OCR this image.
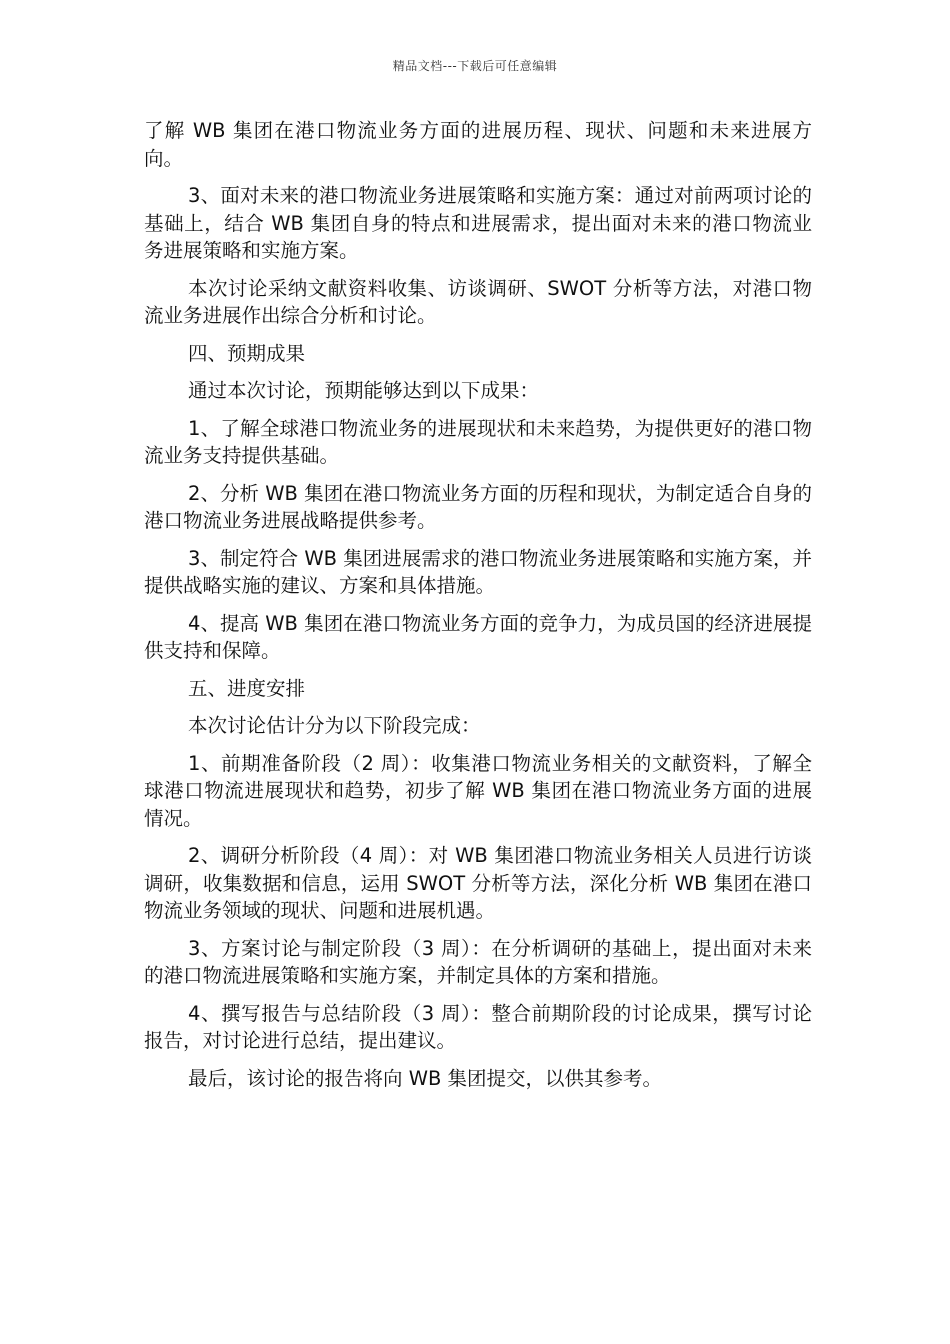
精品文档---下载后可任意编辑

了解 WB 集团在港口物流业务方面的进展历程、现状、问题和未来进展方向。

3、面对未来的港口物流业务进展策略和实施方案：通过对前两项讨论的基础上，结合 WB 集团自身的特点和进展需求，提出面对未来的港口物流业务进展策略和实施方案。

本次讨论采纳文献资料收集、访谈调研、SWOT 分析等方法，对港口物流业务进展作出综合分析和讨论。

四、预期成果

通过本次讨论，预期能够达到以下成果：

1、了解全球港口物流业务的进展现状和未来趋势，为提供更好的港口物流业务支持提供基础。

2、分析 WB 集团在港口物流业务方面的历程和现状，为制定适合自身的港口物流业务进展战略提供参考。

3、制定符合 WB 集团进展需求的港口物流业务进展策略和实施方案，并提供战略实施的建议、方案和具体措施。

4、提高 WB 集团在港口物流业务方面的竞争力，为成员国的经济进展提供支持和保障。

五、进度安排

本次讨论估计分为以下阶段完成：

1、前期准备阶段（2 周）：收集港口物流业务相关的文献资料，了解全球港口物流进展现状和趋势，初步了解 WB 集团在港口物流业务方面的进展情况。

2、调研分析阶段（4 周）：对 WB 集团港口物流业务相关人员进行访谈调研，收集数据和信息，运用 SWOT 分析等方法，深化分析 WB 集团在港口物流业务领域的现状、问题和进展机遇。

3、方案讨论与制定阶段（3 周）：在分析调研的基础上，提出面对未来的港口物流进展策略和实施方案，并制定具体的方案和措施。

4、撰写报告与总结阶段（3 周）：整合前期阶段的讨论成果，撰写讨论报告，对讨论进行总结，提出建议。

最后，该讨论的报告将向 WB 集团提交，以供其参考。
